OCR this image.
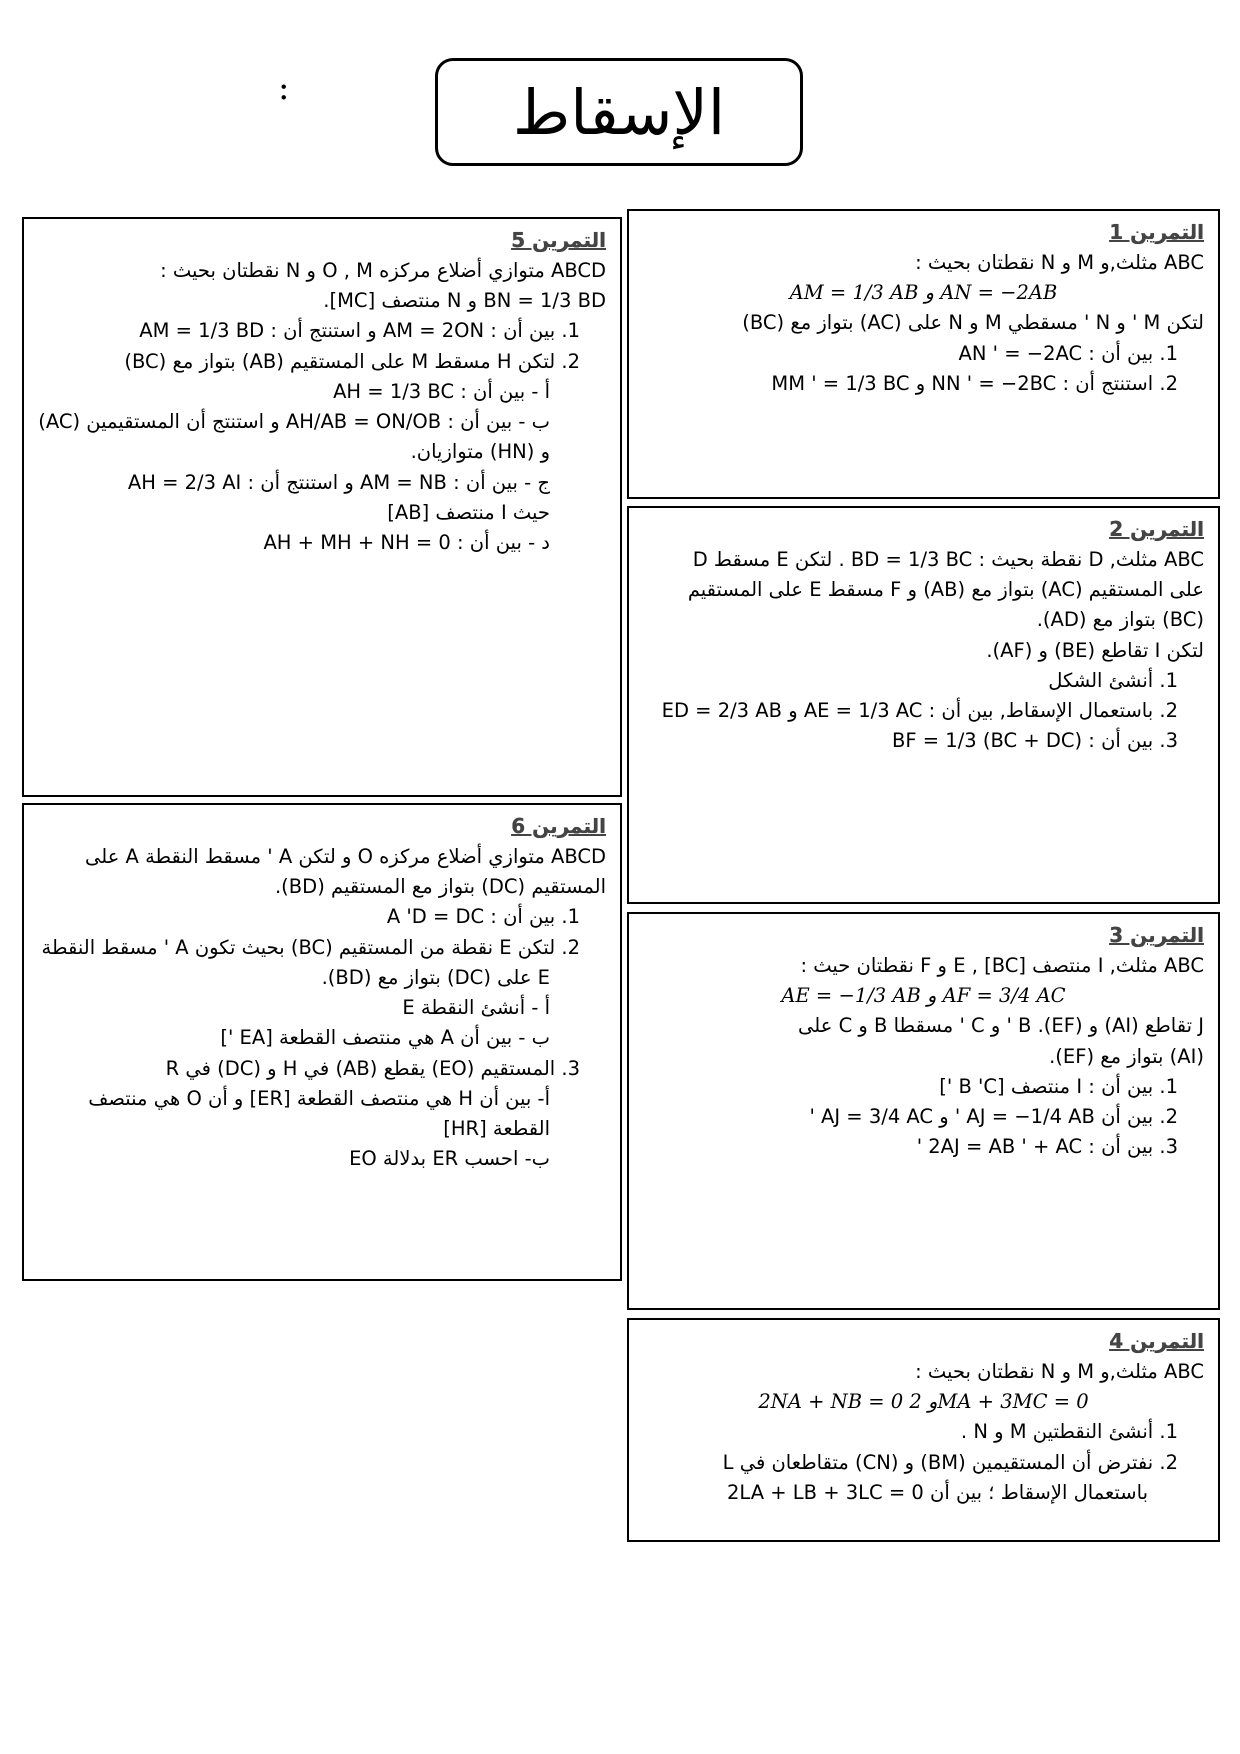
:	الإسقاط
التمرين 1
ABC مثلث,و M و N نقطتان بحيث :
AM = 1/3 AB و AN = −2AB
لتكن M ' و N ' مسقطي M و N على (AC) بتواز مع (BC)
1. بين أن : AN ' = −2AC
2. استنتج أن : NN ' = −2BC و MM ' = 1/3 BC
التمرين 2
ABC مثلث, D نقطة بحيث : BD = 1/3 BC . لتكن E مسقط D
على المستقيم (AC) بتواز مع (AB) و F مسقط E على المستقيم
(BC) بتواز مع (AD).
لتكن I تقاطع (BE) و (AF).
1. أنشئ الشكل
2. باستعمال الإسقاط, بين أن : AE = 1/3 AC و ED = 2/3 AB
3. بين أن : BF = 1/3 (BC + DC)
التمرين 3
ABC مثلث, I منتصف [BC] , E و F نقطتان حيث :
AE = −1/3 AB و AF = 3/4 AC
J تقاطع (AI) و (EF). B ' و C ' مسقطا B و C على
(AI) بتواز مع (EF).
1. بين أن : I منتصف [B 'C ']
2. بين أن AJ = −1/4 AB ' و AJ = 3/4 AC '
3. بين أن : 2AJ = AB ' + AC '
التمرين 4
ABC مثلث,و M و N نقطتان بحيث :
2NA + NB = 0 و 2MA + 3MC = 0
1. أنشئ النقطتين M و N .
2. نفترض أن المستقيمين (BM) و (CN) متقاطعان في L
باستعمال الإسقاط ؛ بين أن 2LA + LB + 3LC = 0
التمرين 5
ABCD متوازي أضلاع مركزه O , M و N نقطتان بحيث :
BN = 1/3 BD و N منتصف [MC].
1. بين أن : AM = 2ON و استنتج أن : AM = 1/3 BD
2. لتكن H مسقط M على المستقيم (AB) بتواز مع (BC)
أ - بين أن : AH = 1/3 BC
ب - بين أن : AH/AB = ON/OB و استنتج أن المستقيمين (AC)
و (HN) متوازيان.
ج - بين أن : AM = NB و استنتج أن : AH = 2/3 AI
حيث I منتصف [AB]
د - بين أن : AH + MH + NH = 0
التمرين 6
ABCD متوازي أضلاع مركزه O و لتكن A ' مسقط النقطة A على
المستقيم (DC) بتواز مع المستقيم (BD).
1. بين أن : A 'D = DC
2. لتكن E نقطة من المستقيم (BC) بحيث تكون A ' مسقط النقطة
E على (DC) بتواز مع (BD).
أ - أنشئ النقطة E
ب - بين أن A هي منتصف القطعة [EA ']
3. المستقيم (EO) يقطع (AB) في H و (DC) في R
أ- بين أن H هي منتصف القطعة [ER] و أن O هي منتصف
القطعة [HR]
ب- احسب ER بدلالة EO
